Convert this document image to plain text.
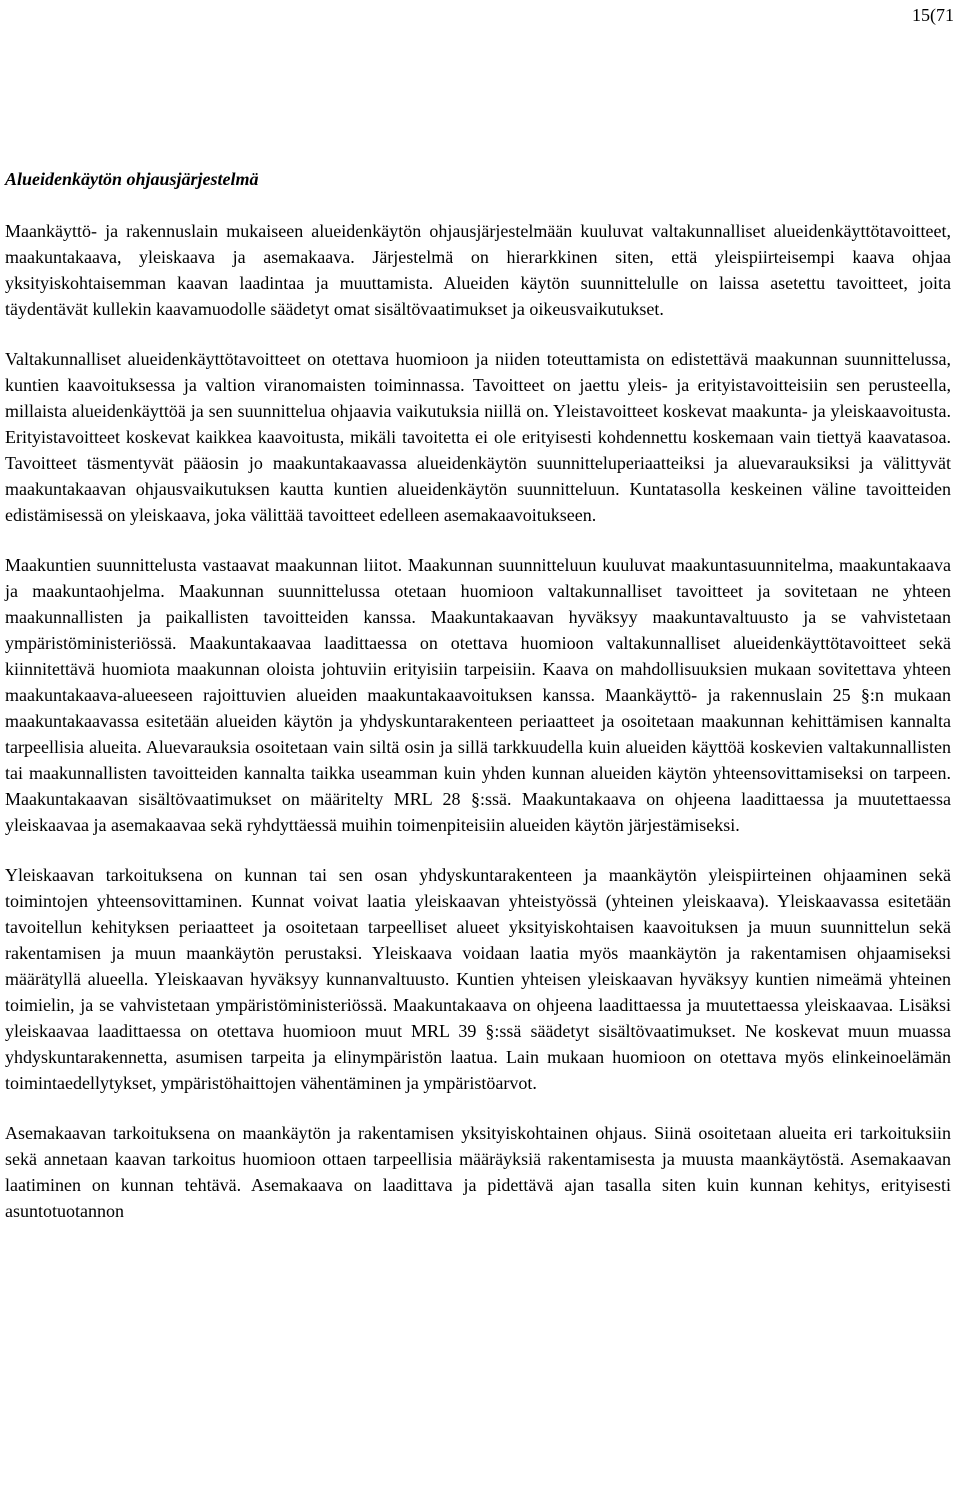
15(71
Alueidenkäytön ohjausjärjestelmä

Maankäyttö- ja rakennuslain mukaiseen alueidenkäytön ohjausjärjestelmään kuuluvat valtakunnalliset alueidenkäyttötavoitteet, maakuntakaava, yleiskaava ja asemakaava. Järjestelmä on hierarkkinen siten, että yleispiirteisempi kaava ohjaa yksityiskohtaisemman kaavan laadintaa ja muuttamista. Alueiden käytön suunnittelulle on laissa asetettu tavoitteet, joita täydentävät kullekin kaavamuodolle säädetyt omat sisältövaatimukset ja oikeusvaikutukset.

Valtakunnalliset alueidenkäyttötavoitteet on otettava huomioon ja niiden toteuttamista on edistettävä maakunnan suunnittelussa, kuntien kaavoituksessa ja valtion viranomaisten toiminnassa. Tavoitteet on jaettu yleis- ja erityistavoitteisiin sen perusteella, millaista alueidenkäyttöä ja sen suunnittelua ohjaavia vaikutuksia niillä on. Yleistavoitteet koskevat maakunta- ja yleiskaavoitusta. Erityistavoitteet koskevat kaikkea kaavoitusta, mikäli tavoitetta ei ole erityisesti kohdennettu koskemaan vain tiettyä kaavatasoa. Tavoitteet täsmentyvät pääosin jo maakuntakaavassa alueidenkäytön suunnitteluperiaatteiksi ja aluevarauksiksi ja välittyvät maakuntakaavan ohjausvaikutuksen kautta kuntien alueidenkäytön suunnitteluun. Kuntatasolla keskeinen väline tavoitteiden edistämisessä on yleiskaava, joka välittää tavoitteet edelleen asemakaavoitukseen.

Maakuntien suunnittelusta vastaavat maakunnan liitot. Maakunnan suunnitteluun kuuluvat maakuntasuunnitelma, maakuntakaava ja maakuntaohjelma. Maakunnan suunnittelussa otetaan huomioon valtakunnalliset tavoitteet ja sovitetaan ne yhteen maakunnallisten ja paikallisten tavoitteiden kanssa. Maakuntakaavan hyväksyy maakuntavaltuusto ja se vahvistetaan ympäristöministeriössä. Maakuntakaavaa laadittaessa on otettava huomioon valtakunnalliset alueidenkäyttötavoitteet sekä kiinnitettävä huomiota maakunnan oloista johtuviin erityisiin tarpeisiin. Kaava on mahdollisuuksien mukaan sovitettava yhteen maakuntakaava-alueeseen rajoittuvien alueiden maakuntakaavoituksen kanssa. Maankäyttö- ja rakennuslain 25 §:n mukaan maakuntakaavassa esitetään alueiden käytön ja yhdyskuntarakenteen periaatteet ja osoitetaan maakunnan kehittämisen kannalta tarpeellisia alueita. Aluevarauksia osoitetaan vain siltä osin ja sillä tarkkuudella kuin alueiden käyttöä koskevien valtakunnallisten tai maakunnallisten tavoitteiden kannalta taikka useamman kuin yhden kunnan alueiden käytön yhteensovittamiseksi on tarpeen. Maakuntakaavan sisältövaatimukset on määritelty MRL 28 §:ssä. Maakuntakaava on ohjeena laadittaessa ja muutettaessa yleiskaavaa ja asemakaavaa sekä ryhdyttäessä muihin toimenpiteisiin alueiden käytön järjestämiseksi.

Yleiskaavan tarkoituksena on kunnan tai sen osan yhdyskuntarakenteen ja maankäytön yleispiirteinen ohjaaminen sekä toimintojen yhteensovittaminen. Kunnat voivat laatia yleiskaavan yhteistyössä (yhteinen yleiskaava). Yleiskaavassa esitetään tavoitellun kehityksen periaatteet ja osoitetaan tarpeelliset alueet yksityiskohtaisen kaavoituksen ja muun suunnittelun sekä rakentamisen ja muun maankäytön perustaksi. Yleiskaava voidaan laatia myös maankäytön ja rakentamisen ohjaamiseksi määrätyllä alueella. Yleiskaavan hyväksyy kunnanvaltuusto. Kuntien yhteisen yleiskaavan hyväksyy kuntien nimeämä yhteinen toimielin, ja se vahvistetaan ympäristöministeriössä. Maakuntakaava on ohjeena laadittaessa ja muutettaessa yleiskaavaa. Lisäksi yleiskaavaa laadittaessa on otettava huomioon muut MRL 39 §:ssä säädetyt sisältövaatimukset. Ne koskevat muun muassa yhdyskuntarakennetta, asumisen tarpeita ja elinympäristön laatua. Lain mukaan huomioon on otettava myös elinkeinoelämän toimintaedellytykset, ympäristöhaittojen vähentäminen ja ympäristöarvot.

Asemakaavan tarkoituksena on maankäytön ja rakentamisen yksityiskohtainen ohjaus. Siinä osoitetaan alueita eri tarkoituksiin sekä annetaan kaavan tarkoitus huomioon ottaen tarpeellisia määräyksiä rakentamisesta ja muusta maankäytöstä. Asemakaavan laatiminen on kunnan tehtävä. Asemakaava on laadittava ja pidettävä ajan tasalla siten kuin kunnan kehitys, erityisesti asuntotuotannon
